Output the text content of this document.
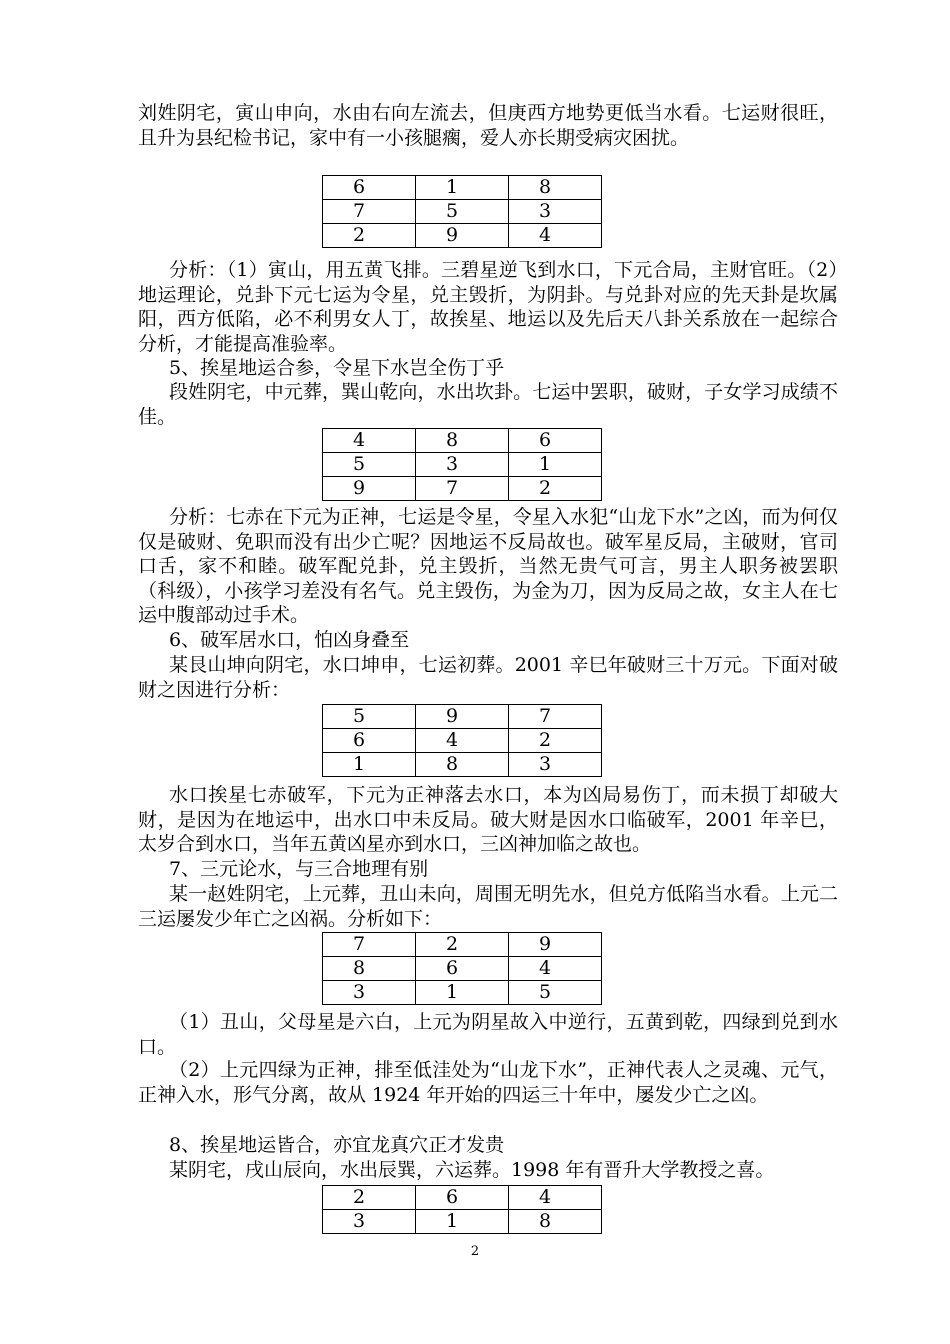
刘姓阴宅，寅山申向，水由右向左流去，但庚西方地势更低当水看。七运财很旺，且升为县纪检书记，家中有一小孩腿瘸，爱人亦长期受病灾困扰。

6	1	8
7	5	3
2	9	4

分析：（1）寅山，用五黄飞排。三碧星逆飞到水口，下元合局，主财官旺。（2）地运理论，兑卦下元七运为令星，兑主毁折，为阴卦。与兑卦对应的先天卦是坎属阳，西方低陷，必不利男女人丁，故挨星、地运以及先后天八卦关系放在一起综合分析，才能提高准验率。

5、挨星地运合参，令星下水岂全伤丁乎

段姓阴宅，中元葬，巽山乾向，水出坎卦。七运中罢职，破财，子女学习成绩不佳。

4	8	6
5	3	1
9	7	2

分析：七赤在下元为正神，七运是令星，令星入水犯“山龙下水”之凶，而为何仅仅是破财、免职而没有出少亡呢？因地运不反局故也。破军星反局，主破财，官司口舌，家不和睦。破军配兑卦，兑主毁折，当然无贵气可言，男主人职务被罢职（科级），小孩学习差没有名气。兑主毁伤，为金为刀，因为反局之故，女主人在七运中腹部动过手术。

6、破军居水口，怕凶身叠至

某艮山坤向阴宅，水口坤申，七运初葬。2001 辛巳年破财三十万元。下面对破财之因进行分析：

5	9	7
6	4	2
1	8	3

水口挨星七赤破军，下元为正神落去水口，本为凶局易伤丁，而未损丁却破大财，是因为在地运中，出水口中未反局。破大财是因水口临破军，2001 年辛巳，太岁合到水口，当年五黄凶星亦到水口，三凶神加临之故也。

7、三元论水，与三合地理有别

某一赵姓阴宅，上元葬，丑山未向，周围无明先水，但兑方低陷当水看。上元二三运屡发少年亡之凶祸。分析如下：

7	2	9
8	6	4
3	1	5

（1）丑山，父母星是六白，上元为阴星故入中逆行，五黄到乾，四绿到兑到水口。

（2）上元四绿为正神，排至低洼处为“山龙下水”，正神代表人之灵魂、元气，正神入水，形气分离，故从 1924 年开始的四运三十年中，屡发少亡之凶。

8、挨星地运皆合，亦宜龙真穴正才发贵

某阴宅，戌山辰向，水出辰巽，六运葬。1998 年有晋升大学教授之喜。

2	6	4
3	1	8
2
